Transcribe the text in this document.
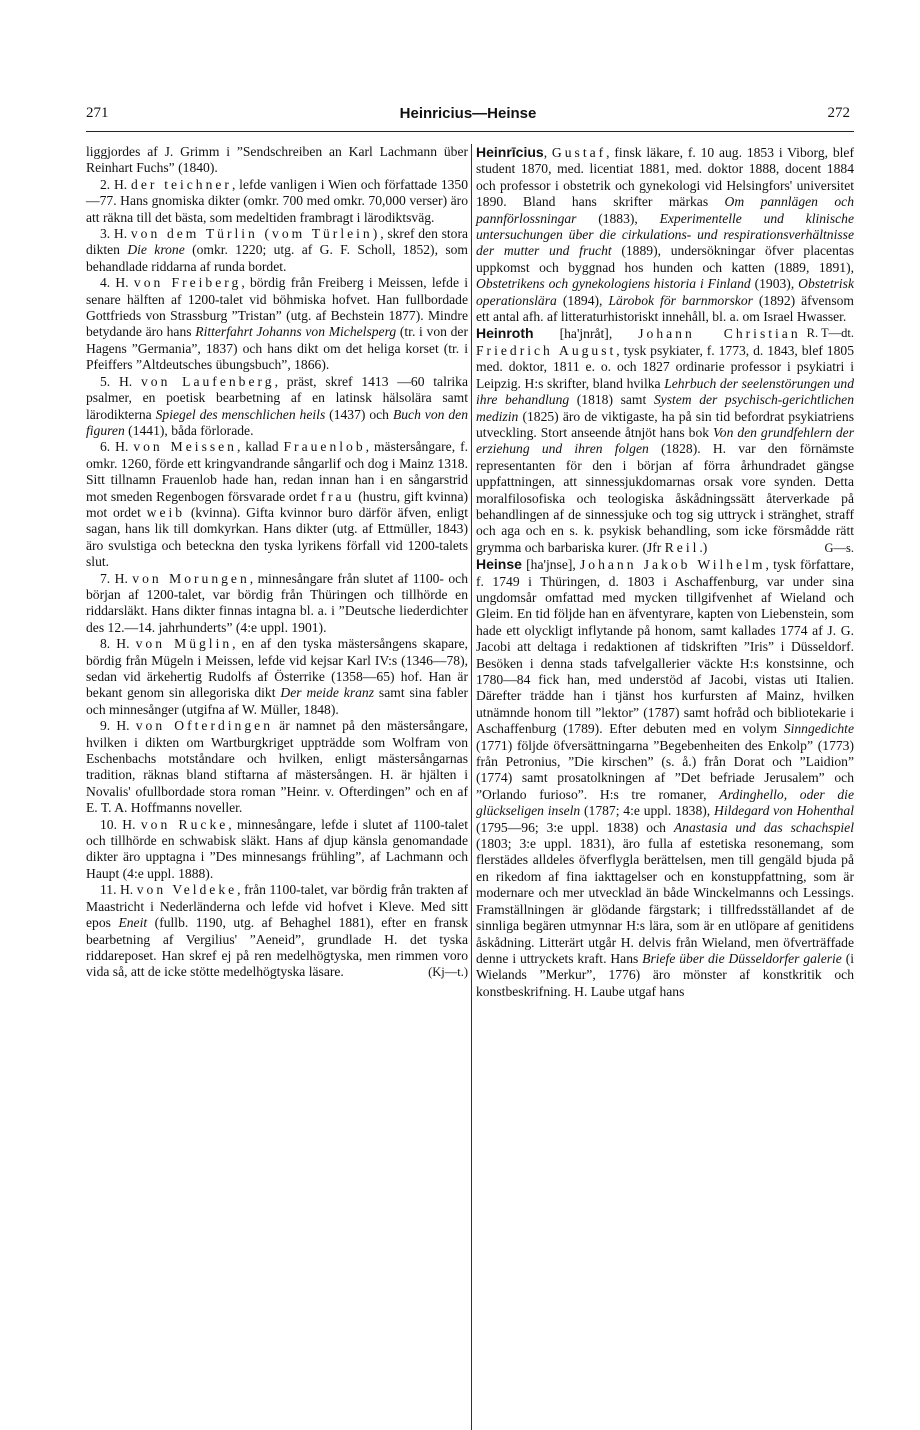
271	Heinricius—Heinse	272

liggjordes af J. Grimm i ”Sendschreiben an Karl Lachmann über Reinhart Fuchs” (1840).

2. H. der teichner, lefde vanligen i Wien och författade 1350—77. Hans gnomiska dikter (omkr. 700 med omkr. 70,000 verser) äro att räkna till det bästa, som medeltiden frambragt i lärodiktsväg.

3. H. von dem Türlin (vom Türlein), skref den stora dikten Die krone (omkr. 1220; utg. af G. F. Scholl, 1852), som behandlade riddarna af runda bordet.

4. H. von Freiberg, bördig från Freiberg i Meissen, lefde i senare hälften af 1200-talet vid böhmiska hofvet. Han fullbordade Gottfrieds von Strassburg ”Tristan” (utg. af Bechstein 1877). Mindre betydande äro hans Ritterfahrt Johanns von Michelsperg (tr. i von der Hagens ”Germania”, 1837) och hans dikt om det heliga korset (tr. i Pfeiffers ”Altdeutsches übungsbuch”, 1866).

5. H. von Laufenberg, präst, skref 1413 —60 talrika psalmer, en poetisk bearbetning af en latinsk hälsolära samt lärodikterna Spiegel des menschlichen heils (1437) och Buch von den figuren (1441), båda förlorade.

6. H. von Meissen, kallad Frauenlob, mästersångare, f. omkr. 1260, förde ett kringvandrande sångarlif och dog i Mainz 1318. Sitt tillnamn Frauenlob hade han, redan innan han i en sångarstrid mot smeden Regenbogen försvarade ordet frau (hustru, gift kvinna) mot ordet weib (kvinna). Gifta kvinnor buro därför äfven, enligt sagan, hans lik till domkyrkan. Hans dikter (utg. af Ettmüller, 1843) äro svulstiga och beteckna den tyska lyrikens förfall vid 1200-talets slut.

7. H. von Morungen, minnesångare från slutet af 1100- och början af 1200-talet, var bördig från Thüringen och tillhörde en riddarsläkt. Hans dikter finnas intagna bl. a. i ”Deutsche liederdichter des 12.—14. jahrhunderts” (4:e uppl. 1901).

8. H. von Müglin, en af den tyska mästersångens skapare, bördig från Mügeln i Meissen, lefde vid kejsar Karl IV:s (1346—78), sedan vid ärkehertig Rudolfs af Österrike (1358—65) hof. Han är bekant genom sin allegoriska dikt Der meide kranz samt sina fabler och minnesånger (utgifna af W. Müller, 1848).

9. H. von Ofterdingen är namnet på den mästersångare, hvilken i dikten om Wartburgkriget uppträdde som Wolfram von Eschenbachs motståndare och hvilken, enligt mästersångarnas tradition, räknas bland stiftarna af mästersången. H. är hjälten i Novalis' ofullbordade stora roman ”Heinr. v. Ofterdingen” och en af E. T. A. Hoffmanns noveller.

10. H. von Rucke, minnesångare, lefde i slutet af 1100-talet och tillhörde en schwabisk släkt. Hans af djup känsla genomandade dikter äro upptagna i ”Des minnesangs frühling”, af Lachmann och Haupt (4:e uppl. 1888).

11. H. von Veldeke, från 1100-talet, var bördig från trakten af Maastricht i Nederländerna och lefde vid hofvet i Kleve. Med sitt epos Eneit (fullb. 1190, utg. af Behaghel 1881), efter en fransk bearbetning af Vergilius' ”Aeneid”, grundlade H. det tyska riddareposet. Han skref ej på ren medelhögtyska, men rimmen voro vida så, att de icke stötte medelhögtyska läsare.	(Kj—t.)

Heinrīcius, Gustaf, finsk läkare, f. 10 aug. 1853 i Viborg, blef student 1870, med. licentiat 1881, med. doktor 1888, docent 1884 och professor i obstetrik och gynekologi vid Helsingfors' universitet 1890. Bland hans skrifter märkas Om pannlägen och pannförlossningar (1883), Experimentelle und klinische untersuchungen über die cirkulations- und respirationsverhältnisse der mutter und frucht (1889), undersökningar öfver placentas uppkomst och byggnad hos hunden och katten (1889, 1891), Obstetrikens och gynekologiens historia i Finland (1903), Obstetrisk operationslära (1894), Lärobok för barnmorskor (1892) äfvensom ett antal afh. af litteraturhistoriskt innehåll, bl. a. om Israel Hwasser.
R. T—dt.

Heinroth [ha'jnråt], Johann Christian Friedrich August, tysk psykiater, f. 1773, d. 1843, blef 1805 med. doktor, 1811 e. o. och 1827 ordinarie professor i psykiatri i Leipzig. H:s skrifter, bland hvilka Lehrbuch der seelenstörungen und ihre behandlung (1818) samt System der psychisch-gerichtlichen medizin (1825) äro de viktigaste, ha på sin tid befordrat psykiatriens utveckling. Stort anseende åtnjöt hans bok Von den grundfehlern der erziehung und ihren folgen (1828). H. var den förnämste representanten för den i början af förra århundradet gängse uppfattningen, att sinnessjukdomarnas orsak vore synden. Detta moralfilosofiska och teologiska åskådningssätt återverkade på behandlingen af de sinnessjuke och tog sig uttryck i stränghet, straff och aga och en s. k. psykisk behandling, som icke försmådde rätt grymma och barbariska kurer. (Jfr Reil.)	G—s.

Heinse [ha'jnse], Johann Jakob Wilhelm, tysk författare, f. 1749 i Thüringen, d. 1803 i Aschaffenburg, var under sina ungdomsår omfattad med mycken tillgifvenhet af Wieland och Gleim. En tid följde han en äfventyrare, kapten von Liebenstein, som hade ett olyckligt inflytande på honom, samt kallades 1774 af J. G. Jacobi att deltaga i redaktionen af tidskriften ”Iris” i Düsseldorf. Besöken i denna stads tafvelgallerier väckte H:s konstsinne, och 1780—84 fick han, med understöd af Jacobi, vistas uti Italien. Därefter trädde han i tjänst hos kurfursten af Mainz, hvilken utnämnde honom till ”lektor” (1787) samt hofråd och bibliotekarie i Aschaffenburg (1789). Efter debuten med en volym Sinngedichte (1771) följde öfversättningarna ”Begebenheiten des Enkolp” (1773) från Petronius, ”Die kirschen” (s. å.) från Dorat och ”Laidion” (1774) samt prosatolkningen af ”Det befriade Jerusalem” och ”Orlando furioso”. H:s tre romaner, Ardinghello, oder die glückseligen inseln (1787; 4:e uppl. 1838), Hildegard von Hohenthal (1795—96; 3:e uppl. 1838) och Anastasia und das schachspiel (1803; 3:e uppl. 1831), äro fulla af estetiska resonemang, som flerstädes alldeles öfverflygla berättelsen, men till gengäld bjuda på en rikedom af fina iakttagelser och en konstuppfattning, som är modernare och mer utvecklad än både Winckelmanns och Lessings. Framställningen är glödande färgstark; i tillfredsställandet af de sinnliga begären utmynnar H:s lära, som är en utlöpare af genitidens åskådning. Litterärt utgår H. delvis från Wieland, men öfverträffade denne i uttryckets kraft. Hans Briefe über die Düsseldorfer galerie (i Wielands ”Merkur”, 1776) äro mönster af konstkritik och konstbeskrifning. H. Laube utgaf hans
